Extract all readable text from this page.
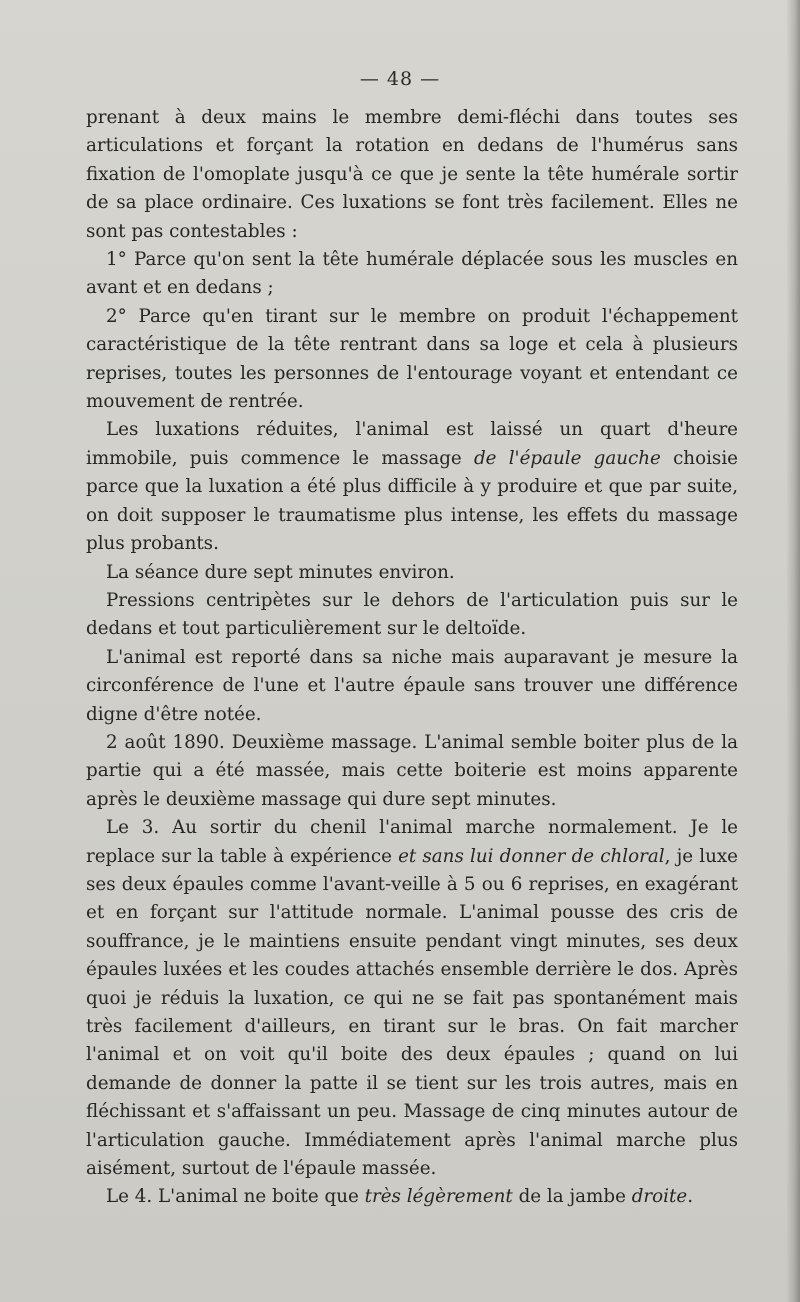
— 48 —

prenant à deux mains le membre demi-fléchi dans toutes ses articulations et forçant la rotation en dedans de l'humérus sans fixation de l'omoplate jusqu'à ce que je sente la tête humérale sortir de sa place ordinaire. Ces luxations se font très facilement. Elles ne sont pas contestables :

1° Parce qu'on sent la tête humérale déplacée sous les muscles en avant et en dedans ;

2° Parce qu'en tirant sur le membre on produit l'échappement caractéristique de la tête rentrant dans sa loge et cela à plusieurs reprises, toutes les personnes de l'entourage voyant et entendant ce mouvement de rentrée.

Les luxations réduites, l'animal est laissé un quart d'heure immobile, puis commence le massage de l'épaule gauche choisie parce que la luxation a été plus difficile à y produire et que par suite, on doit supposer le traumatisme plus intense, les effets du massage plus probants.

La séance dure sept minutes environ.

Pressions centripètes sur le dehors de l'articulation puis sur le dedans et tout particulièrement sur le deltoïde.

L'animal est reporté dans sa niche mais auparavant je mesure la circonférence de l'une et l'autre épaule sans trouver une différence digne d'être notée.

2 août 1890. Deuxième massage. L'animal semble boiter plus de la partie qui a été massée, mais cette boiterie est moins apparente après le deuxième massage qui dure sept minutes.

Le 3. Au sortir du chenil l'animal marche normalement. Je le replace sur la table à expérience et sans lui donner de chloral, je luxe ses deux épaules comme l'avant-veille à 5 ou 6 reprises, en exagérant et en forçant sur l'attitude normale. L'animal pousse des cris de souffrance, je le maintiens ensuite pendant vingt minutes, ses deux épaules luxées et les coudes attachés ensemble derrière le dos. Après quoi je réduis la luxation, ce qui ne se fait pas spontanément mais très facilement d'ailleurs, en tirant sur le bras. On fait marcher l'animal et on voit qu'il boite des deux épaules ; quand on lui demande de donner la patte il se tient sur les trois autres, mais en fléchissant et s'affaissant un peu. Massage de cinq minutes autour de l'articulation gauche. Immédiatement après l'animal marche plus aisément, surtout de l'épaule massée.

Le 4. L'animal ne boite que très légèrement de la jambe droite.
